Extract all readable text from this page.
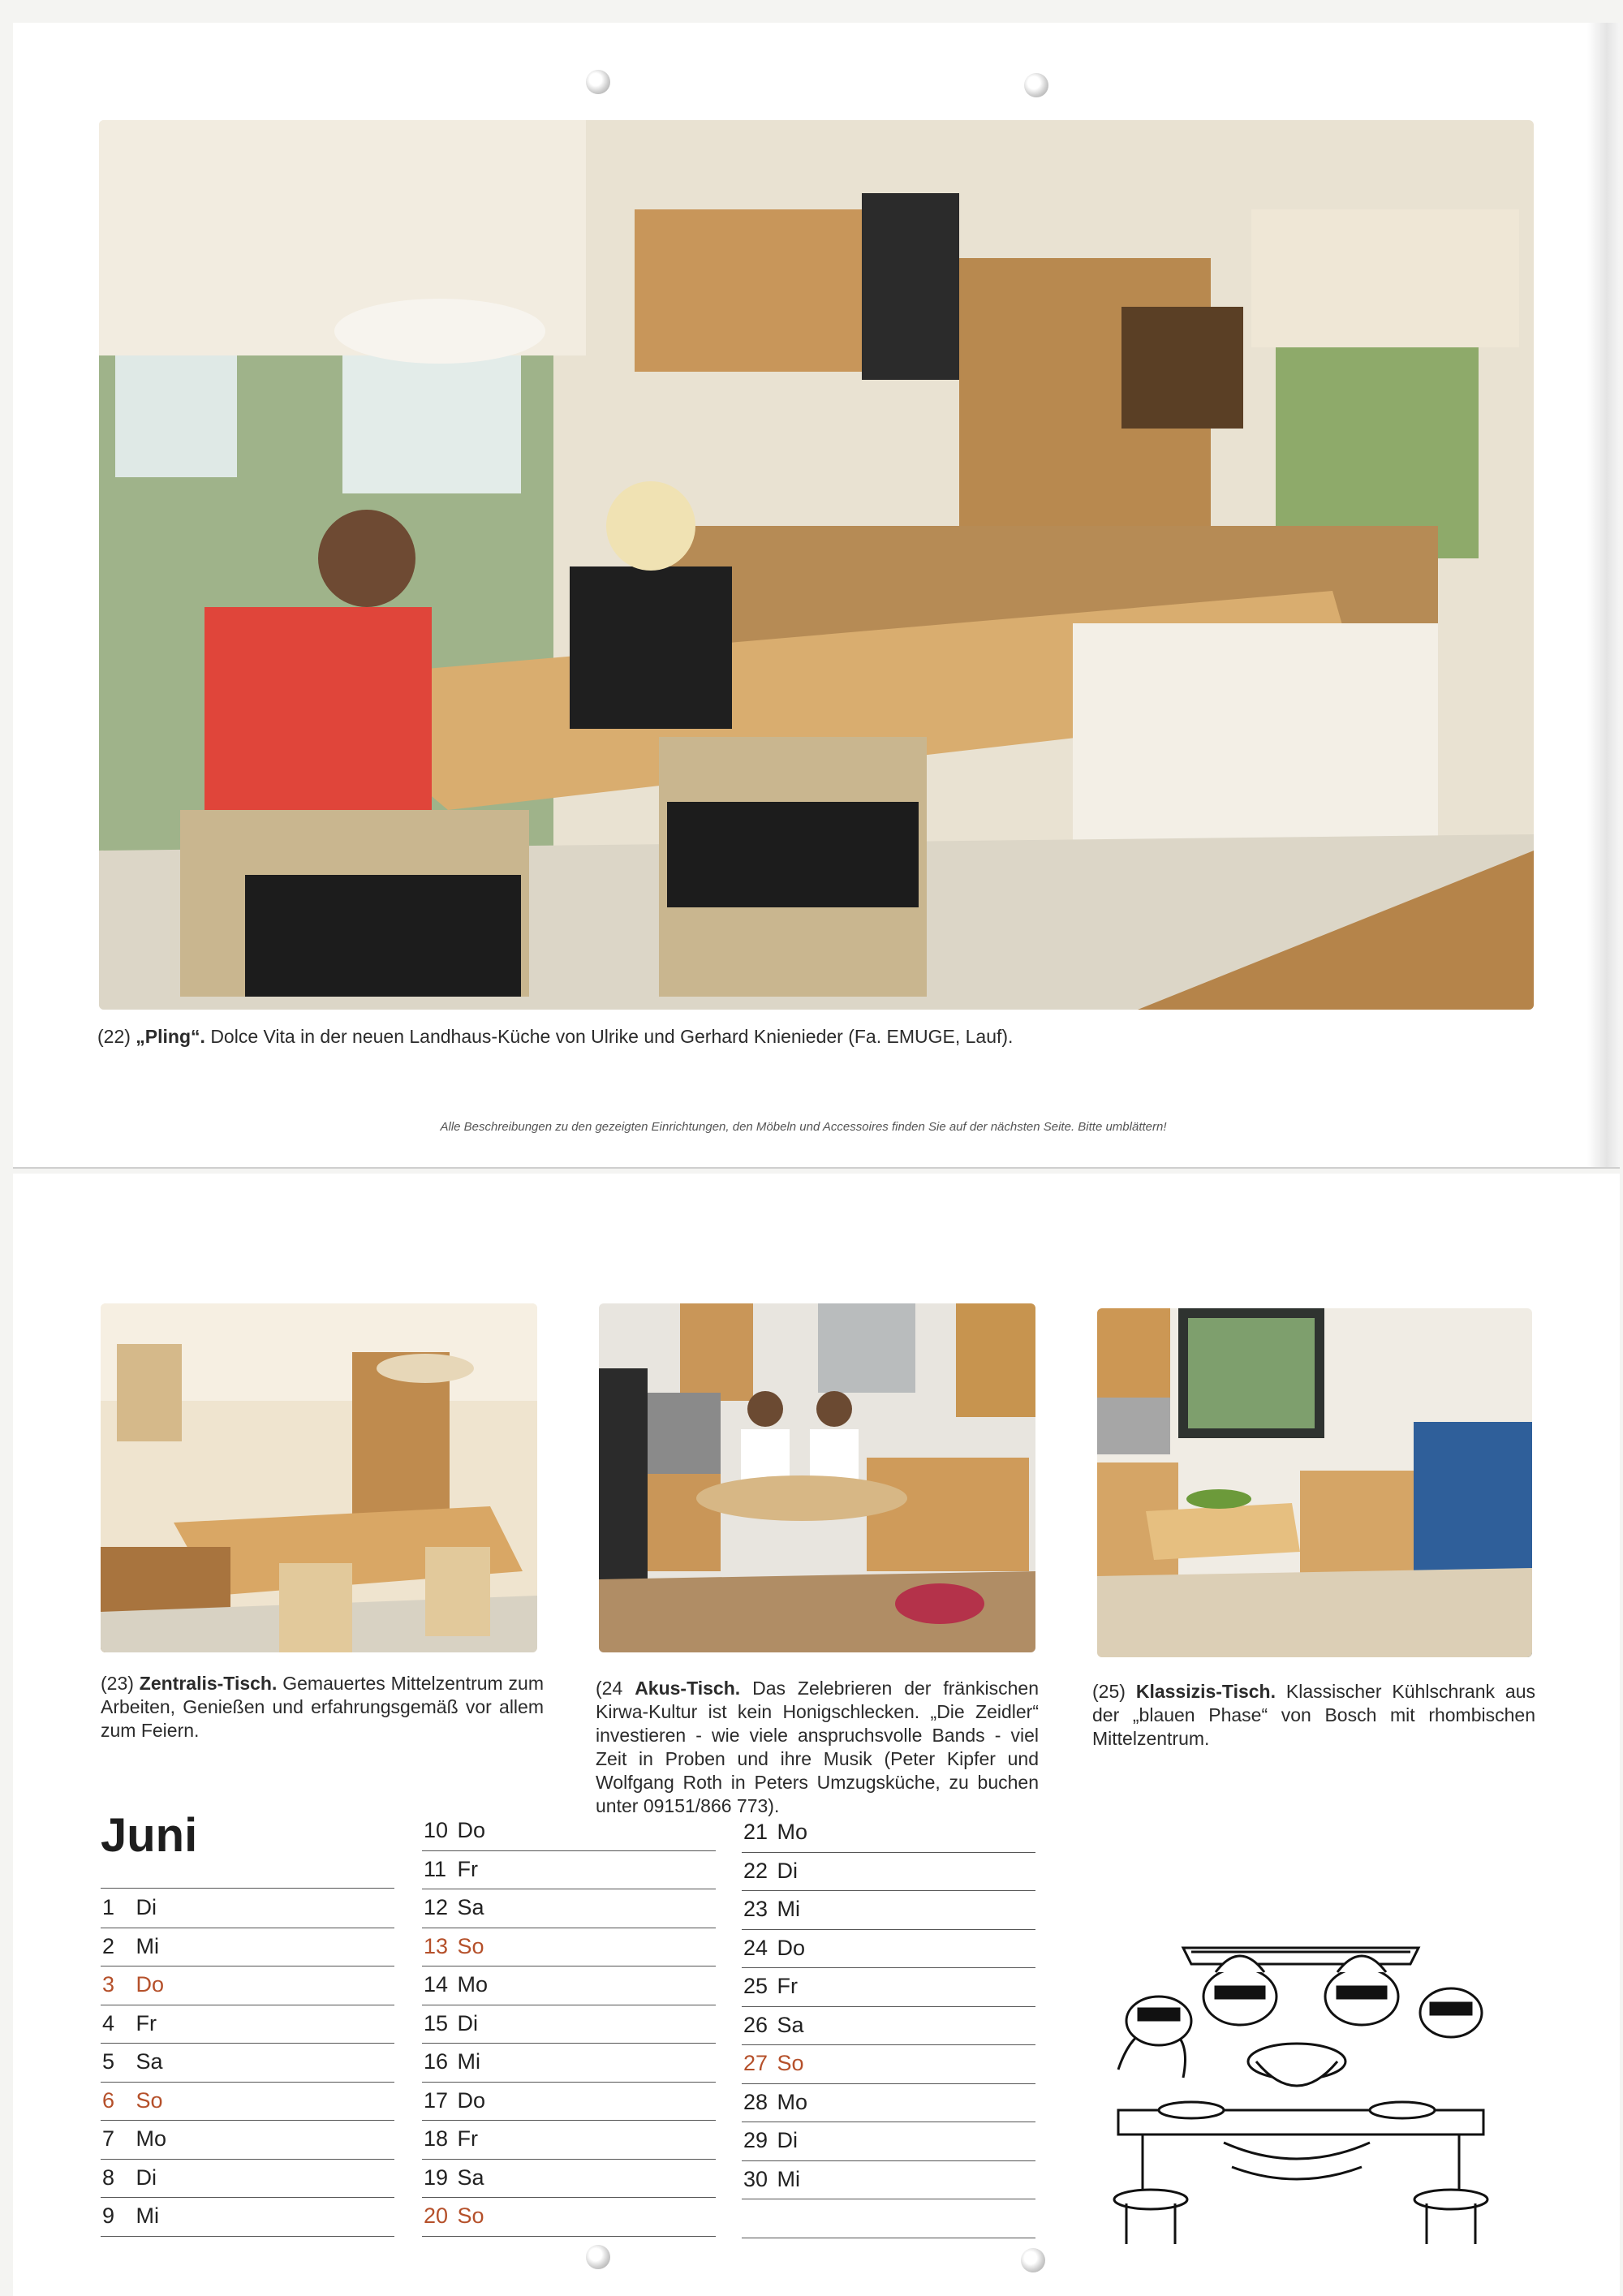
(22) „Pling“. Dolce Vita in der neuen Landhaus-Küche von Ulrike und Gerhard Knienieder (Fa. EMUGE, Lauf).
Alle Beschreibungen zu den gezeigten Einrichtungen, den Möbeln und Accessoires finden Sie auf der nächsten Seite. Bitte umblättern!
(23) Zentralis-Tisch. Gemauertes Mittelzentrum zum Arbeiten, Genießen und erfahrungsgemäß vor allem zum Feiern.
(24 Akus-Tisch. Das Zelebrieren der fränkischen Kirwa-Kultur ist kein Honigschlecken. „Die Zeidler“ investieren - wie viele anspruchsvolle Bands - viel Zeit in Proben und ihre Musik (Peter Kipfer und Wolfgang Roth in Peters Umzugsküche, zu buchen unter 09151/866 773).
(25) Klassizis-Tisch. Klassischer Kühlschrank aus der „blauen Phase“ von Bosch mit rhombischen Mittelzentrum.
Juni
1 Di
2 Mi
3 Do
4 Fr
5 Sa
6 So
7 Mo
8 Di
9 Mi
10 Do
11 Fr
12 Sa
13 So
14 Mo
15 Di
16 Mi
17 Do
18 Fr
19 Sa
20 So
21 Mo
22 Di
23 Mi
24 Do
25 Fr
26 Sa
27 So
28 Mo
29 Di
30 Mi
